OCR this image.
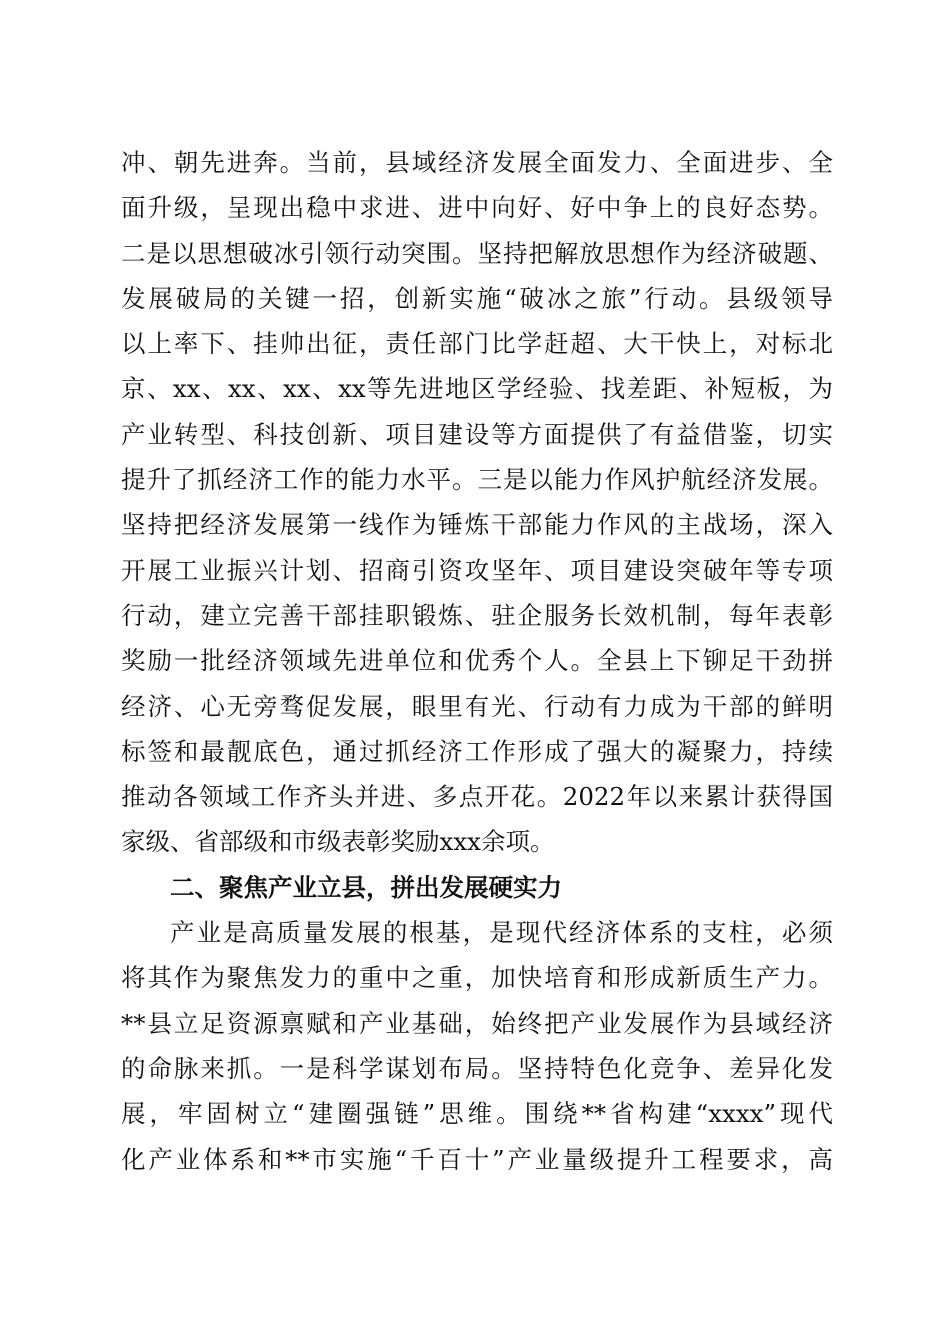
冲、朝先进奔。当前，县域经济发展全面发力、全面进步、全
面升级，呈现出稳中求进、进中向好、好中争上的良好态势。
二是以思想破冰引领行动突围。坚持把解放思想作为经济破题、
发展破局的关键一招，创新实施“破冰之旅”行动。县级领导
以上率下、挂帅出征，责任部门比学赶超、大干快上，对标北
京、xx、xx、xx、xx等先进地区学经验、找差距、补短板，为
产业转型、科技创新、项目建设等方面提供了有益借鉴，切实
提升了抓经济工作的能力水平。三是以能力作风护航经济发展。
坚持把经济发展第一线作为锤炼干部能力作风的主战场，深入
开展工业振兴计划、招商引资攻坚年、项目建设突破年等专项
行动，建立完善干部挂职锻炼、驻企服务长效机制，每年表彰
奖励一批经济领域先进单位和优秀个人。全县上下铆足干劲拼
经济、心无旁骛促发展，眼里有光、行动有力成为干部的鲜明
标签和最靓底色，通过抓经济工作形成了强大的凝聚力，持续
推动各领域工作齐头并进、多点开花。2022年以来累计获得国
家级、省部级和市级表彰奖励xxx余项。
二、聚焦产业立县，拼出发展硬实力
产业是高质量发展的根基，是现代经济体系的支柱，必须
将其作为聚焦发力的重中之重，加快培育和形成新质生产力。
**县立足资源禀赋和产业基础，始终把产业发展作为县域经济
的命脉来抓。一是科学谋划布局。坚持特色化竞争、差异化发
展，牢固树立“建圈强链”思维。围绕**省构建“xxxx”现代
化产业体系和**市实施“千百十”产业量级提升工程要求，高
